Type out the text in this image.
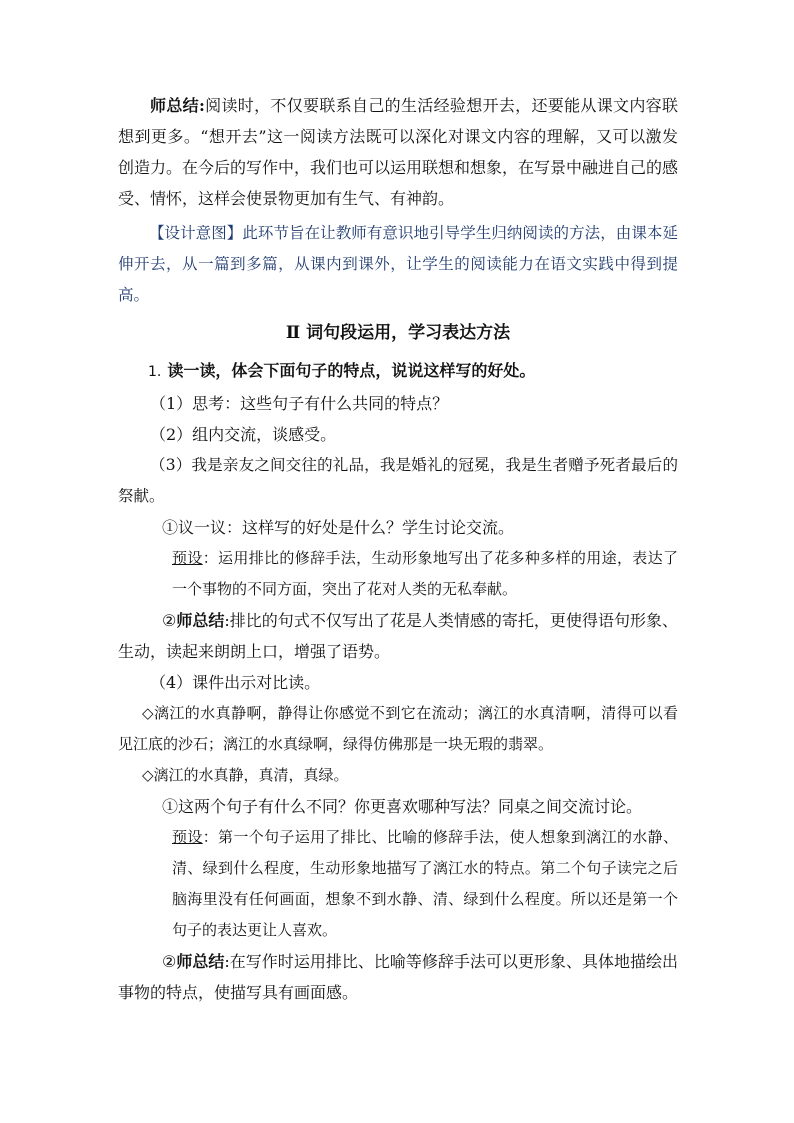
师总结:阅读时，不仅要联系自己的生活经验想开去，还要能从课文内容联想到更多。“想开去”这一阅读方法既可以深化对课文内容的理解，又可以激发创造力。在今后的写作中，我们也可以运用联想和想象，在写景中融进自己的感受、情怀，这样会使景物更加有生气、有神韵。

【设计意图】此环节旨在让教师有意识地引导学生归纳阅读的方法，由课本延伸开去，从一篇到多篇，从课内到课外，让学生的阅读能力在语文实践中得到提高。

Ⅱ 词句段运用，学习表达方法

1. 读一读，体会下面句子的特点，说说这样写的好处。

（1）思考：这些句子有什么共同的特点？

（2）组内交流，谈感受。

（3）我是亲友之间交往的礼品，我是婚礼的冠冕，我是生者赠予死者最后的祭献。

①议一议：这样写的好处是什么？学生讨论交流。

预设：运用排比的修辞手法，生动形象地写出了花多种多样的用途，表达了一个事物的不同方面，突出了花对人类的无私奉献。

②师总结:排比的句式不仅写出了花是人类情感的寄托，更使得语句形象、生动，读起来朗朗上口，增强了语势。

（4）课件出示对比读。

◇漓江的水真静啊，静得让你感觉不到它在流动；漓江的水真清啊，清得可以看见江底的沙石；漓江的水真绿啊，绿得仿佛那是一块无瑕的翡翠。

◇漓江的水真静，真清，真绿。

①这两个句子有什么不同？你更喜欢哪种写法？同桌之间交流讨论。

预设：第一个句子运用了排比、比喻的修辞手法，使人想象到漓江的水静、清、绿到什么程度，生动形象地描写了漓江水的特点。第二个句子读完之后脑海里没有任何画面，想象不到水静、清、绿到什么程度。所以还是第一个句子的表达更让人喜欢。

②师总结:在写作时运用排比、比喻等修辞手法可以更形象、具体地描绘出事物的特点，使描写具有画面感。
